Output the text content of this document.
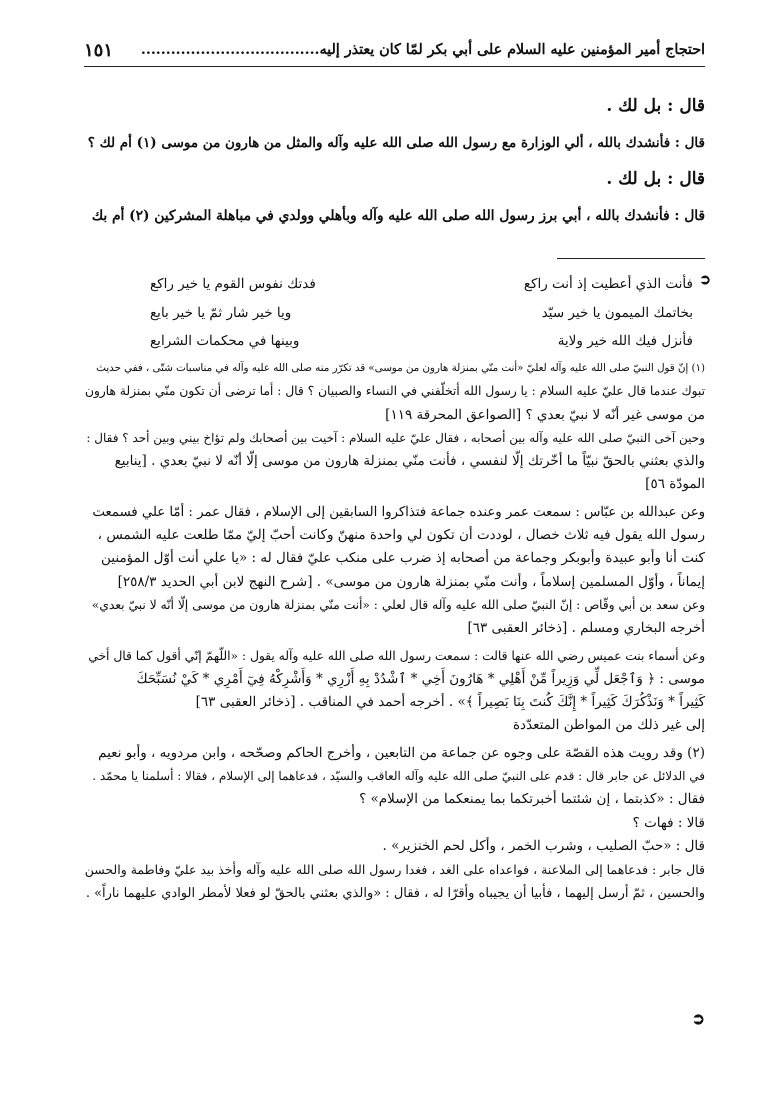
احتجاج أمير المؤمنين عليه السلام على أبي بكر لمّا كان يعتذر إليه....................................
١٥١

قال : بل لك .

قال : فأنشدك بالله ، ألي الوزارة مع رسول الله صلى الله عليه وآله والمثل من هارون من موسى (١) أم لك ؟

قال : بل لك .

قال : فأنشدك بالله ، أبي برز رسول الله صلى الله عليه وآله وبأهلي وولدي في مباهلة المشركين (٢) أم بك

➲
فأنت الذي أعطيت إذ أنت راكع
فدتك نفوس القوم يا خير راكع
بخاتمك الميمون يا خير سيّد
ويا خير شار ثمّ يا خير بايع
فأنزل فيك الله خير ولاية
وبينها في محكمات الشرايع
(١) إنّ قول النبيّ صلى الله عليه وآله لعليّ «أنت منّي بمنزلة هارون من موسى» قد تكرّر منه صلى الله عليه وآله في مناسبات شتّى ، ففي حديث
تبوك عندما قال عليّ عليه السلام : يا رسول الله أتخلّفني في النساء والصبيان ؟ قال : أما ترضى أن تكون منّي بمنزلة هارون
من موسى غير أنّه لا نبيّ بعدي ؟ [الصواعق المحرقة ١١٩]
وحين آخى النبيّ صلى الله عليه وآله بين أصحابه ، فقال عليّ عليه السلام : آخيت بين أصحابك ولم تؤاخ بيني وبين أحد ؟ فقال :
والذي بعثني بالحقّ نبيّاً ما أخّرتك إلّا لنفسي ، فأنت منّي بمنزلة هارون من موسى إلّا أنّه لا نبيّ بعدي . [ينابيع
المودّة ٥٦]
وعن عبدالله بن عبّاس : سمعت عمر وعنده جماعة فتذاكروا السابقين إلى الإسلام ، فقال عمر : أمّا علي فسمعت
رسول الله يقول فيه ثلاث خصال ، لوددت أن تكون لي واحدة منهنّ وكانت أحبّ إليّ ممّا طلعت عليه الشمس ،
كنت أنا وأبو عبيدة وأبوبكر وجماعة من أصحابه إذ ضرب على منكب عليّ فقال له : «يا علي أنت أوّل المؤمنين
إيماناً ، وأوّل المسلمين إسلاماً ، وأنت منّي بمنزلة هارون من موسى» . [شرح النهج لابن أبي الحديد ٢٥٨/٣]
وعن سعد بن أبي وقّاص : إنّ النبيّ صلى الله عليه وآله قال لعلي : «أنت منّي بمنزلة هارون من موسى إلّا أنّه لا نبيّ بعدي»
أخرجه البخاري ومسلم . [ذخائر العقبى ٦٣]
وعن أسماء بنت عميس رضي الله عنها قالت : سمعت رسول الله صلى الله عليه وآله يقول : «اللّهمّ إنّي أقول كما قال أخي
موسى : ﴿ وَٱجْعَل لِّي وَزِيراً مِّنْ أَهْلِي * هَارُونَ أَخِي * ٱشْدُدْ بِهِ أَزْرِي * وَأَشْرِكْهُ فِيٓ أَمْرِي * كَيْ نُسَبِّحَكَ
كَثِيراً * وَنَذْكُرَكَ كَثِيراً * إِنَّكَ كُنتَ بِنَا بَصِيراً ﴾» . أخرجه أحمد في المناقب . [ذخائر العقبى ٦٣]
إلى غير ذلك من المواطن المتعدّدة
(٢) وقد رويت هذه القصّة على وجوه عن جماعة من التابعين ، وأخرج الحاكم وصحّحه ، وابن مردويه ، وأبو نعيم
في الدلائل عن جابر قال : قدم على النبيّ صلى الله عليه وآله العاقب والسيّد ، فدعاهما إلى الإسلام ، فقالا : أسلمنا يا محمّد .
فقال : «كذبتما ، إن شئتما أخبرتكما بما يمنعكما من الإسلام» ؟
قالا : فهات ؟
قال : «حبّ الصليب ، وشرب الخمر ، وأكل لحم الخنزير» .
قال جابر : فدعاهما إلى الملاعنة ، فواعداه على الغد ، فغدا رسول الله صلى الله عليه وآله وأخذ بيد عليّ وفاطمة والحسن
والحسين ، ثمّ أرسل إليهما ، فأبيا أن يجيباه وأقرّا له ، فقال : «والذي بعثني بالحقّ لو فعلا لأمطر الوادي عليهما ناراً» .
➲
